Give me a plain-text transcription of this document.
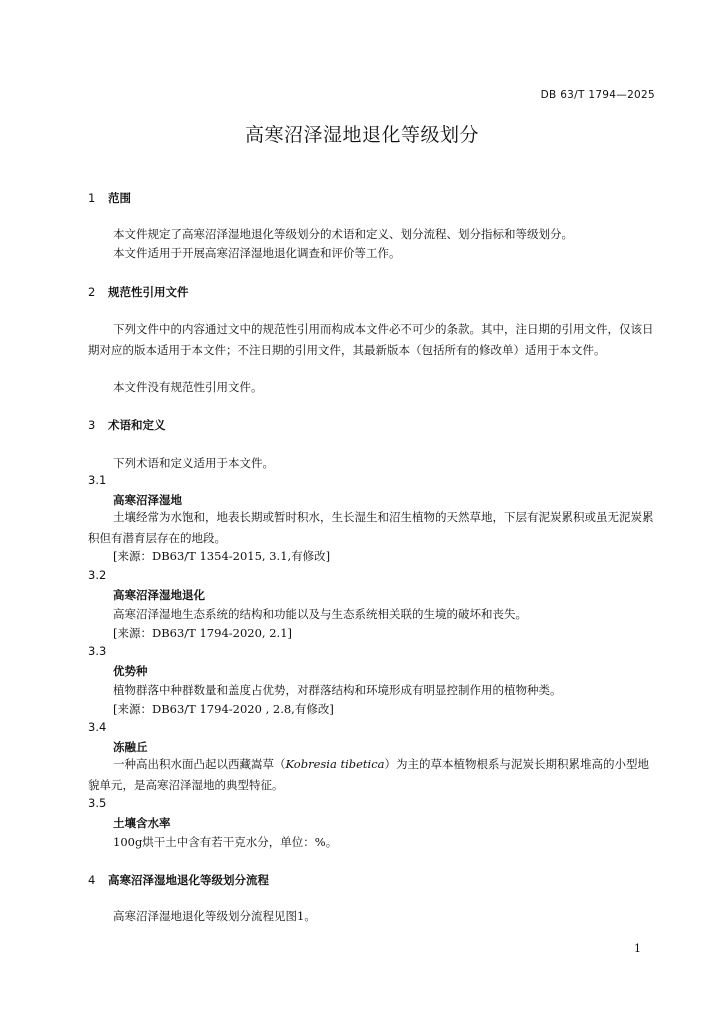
DB 63/T 1794—2025
高寒沼泽湿地退化等级划分
1 范围
本文件规定了高寒沼泽湿地退化等级划分的术语和定义、划分流程、划分指标和等级划分。
本文件适用于开展高寒沼泽湿地退化调查和评价等工作。
2 规范性引用文件
下列文件中的内容通过文中的规范性引用而构成本文件必不可少的条款。其中，注日期的引用文件，仅该日期对应的版本适用于本文件；不注日期的引用文件，其最新版本（包括所有的修改单）适用于本文件。
本文件没有规范性引用文件。
3 术语和定义
下列术语和定义适用于本文件。
3.1
高寒沼泽湿地
土壤经常为水饱和，地表长期或暂时积水，生长湿生和沼生植物的天然草地，下层有泥炭累积或虽无泥炭累积但有潜育层存在的地段。
[来源：DB63/T 1354-2015, 3.1,有修改]
3.2
高寒沼泽湿地退化
高寒沼泽湿地生态系统的结构和功能以及与生态系统相关联的生境的破坏和丧失。
[来源：DB63/T 1794-2020, 2.1]
3.3
优势种
植物群落中种群数量和盖度占优势，对群落结构和环境形成有明显控制作用的植物种类。
[来源：DB63/T 1794-2020 , 2.8,有修改]
3.4
冻融丘
一种高出积水面凸起以西藏嵩草（Kobresia tibetica）为主的草本植物根系与泥炭长期积累堆高的小型地貌单元，是高寒沼泽湿地的典型特征。
3.5
土壤含水率
100g烘干土中含有若干克水分，单位：%。
4 高寒沼泽湿地退化等级划分流程
高寒沼泽湿地退化等级划分流程见图1。
1
